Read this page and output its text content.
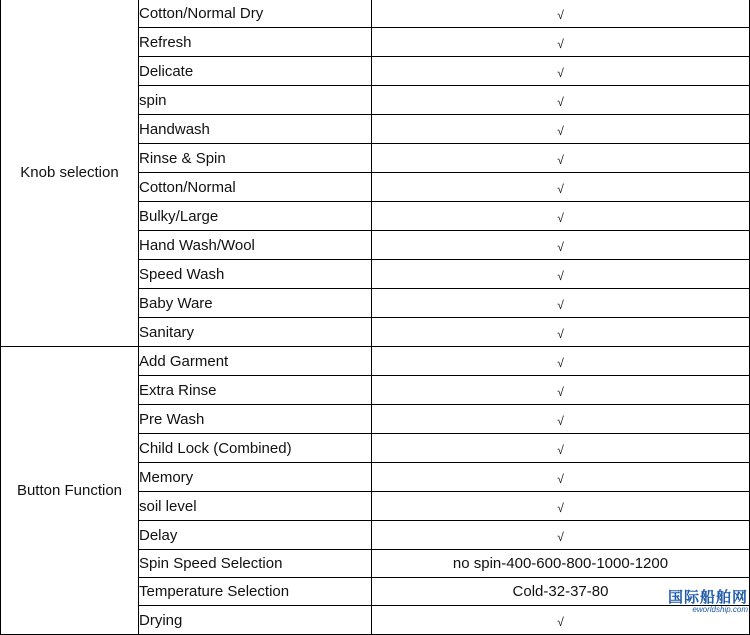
Knob selection	Cotton/Normal Dry	√
	Refresh	√
	Delicate	√
	spin	√
	Handwash	√
	Rinse & Spin	√
	Cotton/Normal	√
	Bulky/Large	√
	Hand Wash/Wool	√
	Speed Wash	√
	Baby Ware	√
	Sanitary	√
Button Function	Add Garment	√
	Extra Rinse	√
	Pre Wash	√
	Child Lock (Combined)	√
	Memory	√
	soil level	√
	Delay	√
	Spin Speed Selection	no spin-400-600-800-1000-1200
	Temperature Selection	Cold-32-37-80
	Drying	√
国际船舶网
eworldship.com
